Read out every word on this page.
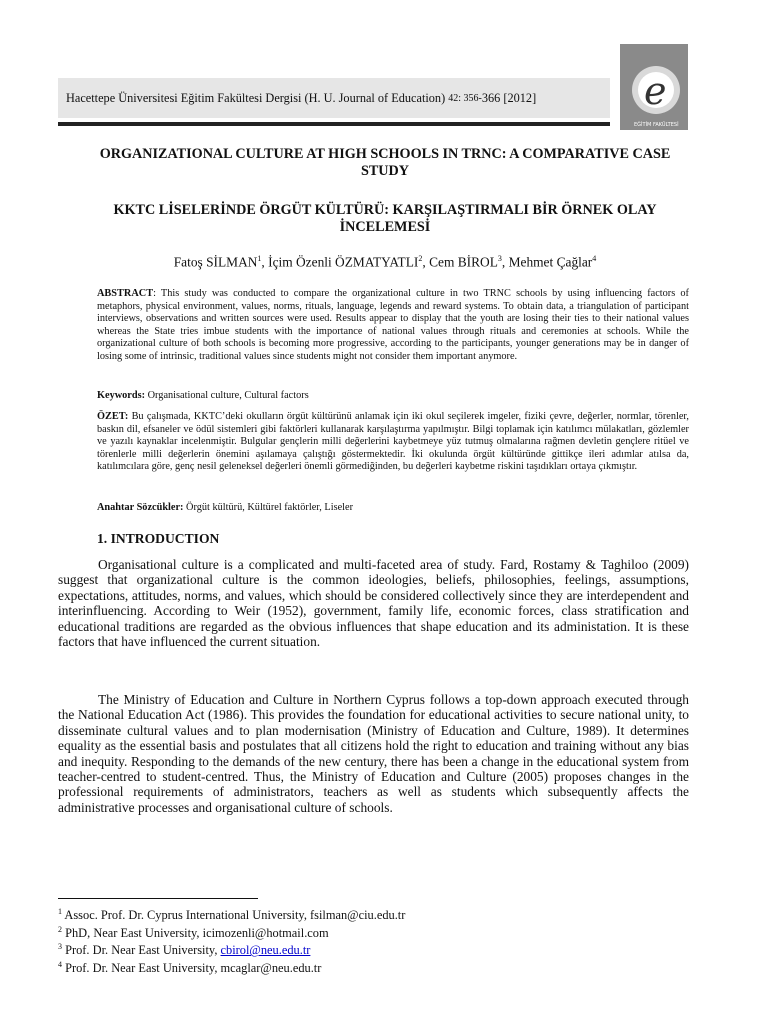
Hacettepe Üniversitesi Eğitim Fakültesi Dergisi (H. U. Journal of Education)
42: 356- 366 [2012]	e
EĞİTİM FAKÜLTESİ
ORGANIZATIONAL CULTURE AT HIGH SCHOOLS IN TRNC: A COMPARATIVE CASE STUDY
KKTC LİSELERİNDE ÖRGÜT KÜLTÜRÜ: KARŞILAŞTIRMALI BİR ÖRNEK OLAY İNCELEMESİ

Fatoş SİLMAN$^1$, İçim Özenli ÖZMATYATLI$^2$, Cem BİROL$^3$, Mehmet Çağlar$^4$

ABSTRACT: This study was conducted to compare the organizational culture in two TRNC schools by using influencing factors of metaphors, physical environment, values, norms, rituals, language, legends and reward systems. To obtain data, a triangulation of participant interviews, observations and written sources were used. Results appear to display that the youth are losing their ties to their national values whereas the State tries imbue students with the importance of national values through rituals and ceremonies at schools. While the organizational culture of both schools is becoming more progressive, according to the participants, younger generations may be in danger of losing some of intrinsic, traditional values since students might not consider them important anymore.

Keywords: Organisational culture, Cultural factors

ÖZET: Bu çalışmada, KKTC’deki okulların örgüt kültürünü anlamak için iki okul seçilerek imgeler, fiziki çevre, değerler, normlar, törenler, baskın dil, efsaneler ve ödül sistemleri gibi faktörleri kullanarak karşılaştırma yapılmıştır. Bilgi toplamak için katılımcı mülakatları, gözlemler ve yazılı kaynaklar incelenmiştir. Bulgular gençlerin milli değerlerini kaybetmeye yüz tutmuş olmalarına rağmen devletin gençlere ritüel ve törenlerle milli değerlerin önemini aşılamaya çalıştığı göstermektedir. İki okulunda örgüt kültüründe gittikçe ileri adımlar atılsa da, katılımcılara göre, genç nesil geleneksel değerleri önemli görmediğinden, bu değerleri kaybetme riskini taşıdıkları ortaya çıkmıştır.

Anahtar Sözcükler: Örgüt kültürü, Kültürel faktörler, Liseler

1. INTRODUCTION

Organisational culture is a complicated and multi-faceted area of study. Fard, Rostamy & Taghiloo (2009) suggest that organizational culture is the common ideologies, beliefs, philosophies, feelings, assumptions, expectations, attitudes, norms, and values, which should be considered collectively since they are interdependent and interinfluencing. According to Weir (1952), government, family life, economic forces, class stratification and educational traditions are regarded as the obvious influences that shape education and its administation. It is these factors that have influenced the current situation.

The Ministry of Education and Culture in Northern Cyprus follows a top-down approach executed through the National Education Act (1986). This provides the foundation for educational activities to secure national unity, to disseminate cultural values and to plan modernisation (Ministry of Education and Culture, 1989). It determines equality as the essential basis and postulates that all citizens hold the right to education and training without any bias and inequity. Responding to the demands of the new century, there has been a change in the educational system from teacher-centred to student-centred. Thus, the Ministry of Education and Culture (2005) proposes changes in the professional requirements of administrators, teachers as well as students which subsequently affects the administrative processes and organisational culture of schools.

$^1$ Assoc. Prof. Dr. Cyprus International University, fsilman@ciu.edu.tr
$^2$ PhD, Near East University, icimozenli@hotmail.com
$^3$ Prof. Dr. Near East University, cbirol@neu.edu.tr
$^4$ Prof. Dr. Near East University, mcaglar@neu.edu.tr
